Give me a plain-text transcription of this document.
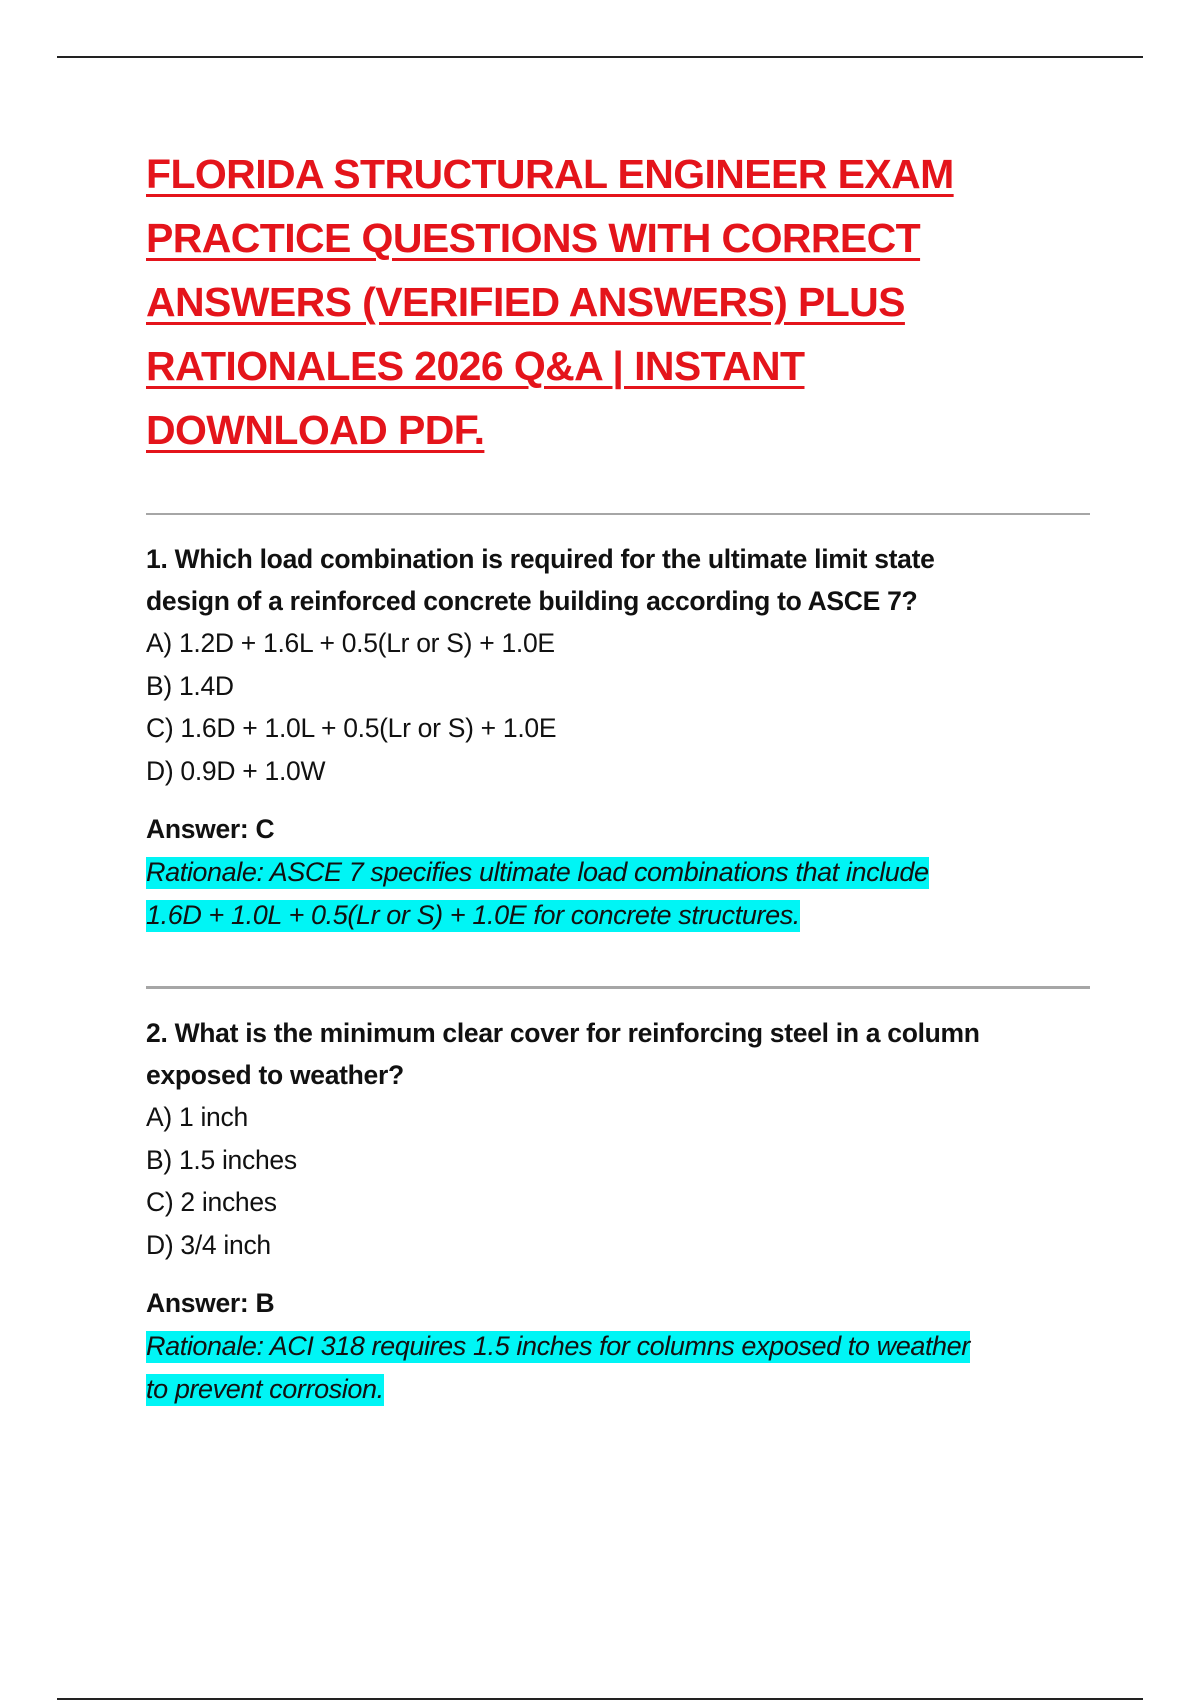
FLORIDA STRUCTURAL ENGINEER EXAM
PRACTICE QUESTIONS WITH CORRECT
ANSWERS (VERIFIED ANSWERS) PLUS
RATIONALES 2026 Q&A | INSTANT
DOWNLOAD PDF.
1. Which load combination is required for the ultimate limit state
design of a reinforced concrete building according to ASCE 7?
A) 1.2D + 1.6L + 0.5(Lr or S) + 1.0E
B) 1.4D
C) 1.6D + 1.0L + 0.5(Lr or S) + 1.0E
D) 0.9D + 1.0W
Answer: C
Rationale: ASCE 7 specifies ultimate load combinations that include
1.6D + 1.0L + 0.5(Lr or S) + 1.0E for concrete structures.
2. What is the minimum clear cover for reinforcing steel in a column
exposed to weather?
A) 1 inch
B) 1.5 inches
C) 2 inches
D) 3/4 inch
Answer: B
Rationale: ACI 318 requires 1.5 inches for columns exposed to weather
to prevent corrosion.
